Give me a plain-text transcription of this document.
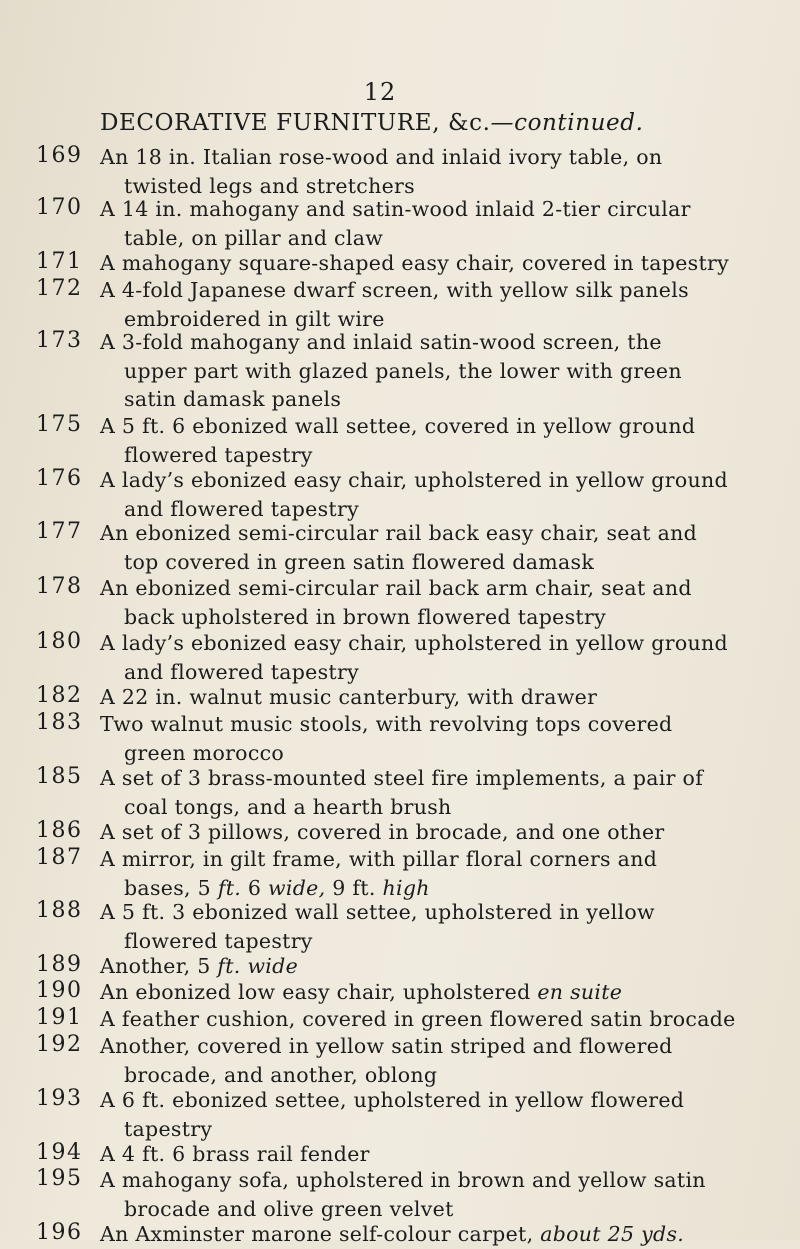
12
DECORATIVE FURNITURE, &c.—continued.
169 An 18 in. Italian rose-wood and inlaid ivory table, on
twisted legs and stretchers
170 A 14 in. mahogany and satin-wood inlaid 2-tier circular
table, on pillar and claw
171 A mahogany square-shaped easy chair, covered in tapestry
172 A 4-fold Japanese dwarf screen, with yellow silk panels
embroidered in gilt wire
173 A 3-fold mahogany and inlaid satin-wood screen, the
upper part with glazed panels, the lower with green
satin damask panels
175 A 5 ft. 6 ebonized wall settee, covered in yellow ground
flowered tapestry
176 A lady’s ebonized easy chair, upholstered in yellow ground
and flowered tapestry
177 An ebonized semi-circular rail back easy chair, seat and
top covered in green satin flowered damask
178 An ebonized semi-circular rail back arm chair, seat and
back upholstered in brown flowered tapestry
180 A lady’s ebonized easy chair, upholstered in yellow ground
and flowered tapestry
182 A 22 in. walnut music canterbury, with drawer
183 Two walnut music stools, with revolving tops covered
green morocco
185 A set of 3 brass-mounted steel fire implements, a pair of
coal tongs, and a hearth brush
186 A set of 3 pillows, covered in brocade, and one other
187 A mirror, in gilt frame, with pillar floral corners and
bases, 5 ft. 6 wide, 9 ft. high
188 A 5 ft. 3 ebonized wall settee, upholstered in yellow
flowered tapestry
189 Another, 5 ft. wide
190 An ebonized low easy chair, upholstered en suite
191 A feather cushion, covered in green flowered satin brocade
192 Another, covered in yellow satin striped and flowered
brocade, and another, oblong
193 A 6 ft. ebonized settee, upholstered in yellow flowered
tapestry
194 A 4 ft. 6 brass rail fender
195 A mahogany sofa, upholstered in brown and yellow satin
brocade and olive green velvet
196 An Axminster marone self-colour carpet, about 25 yds.
